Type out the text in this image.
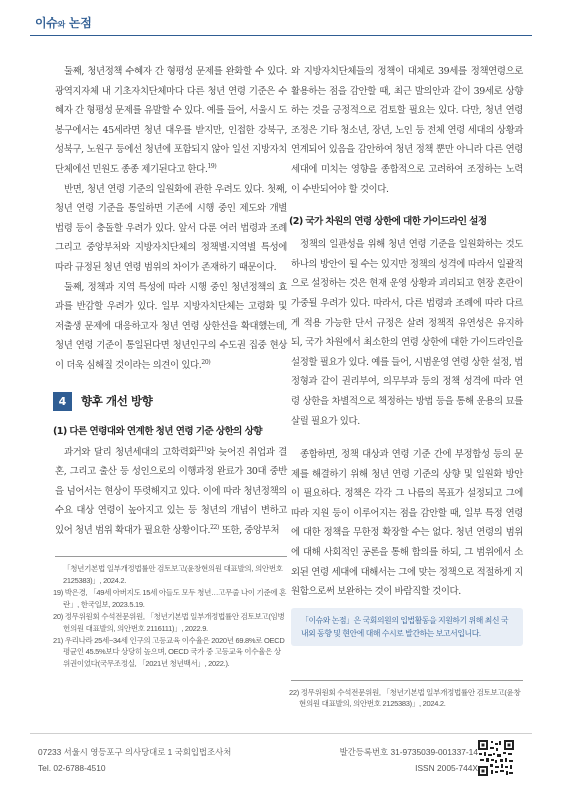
이슈와 논점

둘째, 청년정책 수혜자 간 형평성 문제를 완화할 수 있다. 광역지자체 내 기초자치단체마다 다른 청년 연령 기준은 수혜자 간 형평성 문제를 유발할 수 있다. 예를 들어, 서울시 도봉구에서는 45세라면 청년 대우를 받지만, 인접한 강북구, 성북구, 노원구 등에선 청년에 포함되지 않아 일선 지방자치단체에선 민원도 종종 제기된다고 한다.$^{19)}$

반면, 청년 연령 기준의 일원화에 관한 우려도 있다. 첫째, 청년 연령 기준을 통일하면 기존에 시행 중인 제도와 개별 법령 등이 충돌할 우려가 있다. 앞서 다룬 여러 법령과 조례 그리고 중앙부처와 지방자치단체의 정책별·지역별 특성에 따라 규정된 청년 연령 범위의 차이가 존재하기 때문이다.

둘째, 정책과 지역 특성에 따라 시행 중인 청년정책의 효과를 반감할 우려가 있다. 일부 지방자치단체는 고령화 및 저출생 문제에 대응하고자 청년 연령 상한선을 확대했는데, 청년 연령 기준이 통일된다면 청년인구의 수도권 집중 현상이 더욱 심해질 것이라는 의견이 있다.$^{20)}$

4	향후 개선 방향
(1) 다른 연령대와 연계한 청년 연령 기준 상한의 상향

과거와 달리 청년세대의 고학력화$^{21)}$와 늦어진 취업과 결혼, 그리고 출산 등 성인으로의 이행과정 완료가 30대 중반을 넘어서는 현상이 뚜렷해지고 있다. 이에 따라 청년정책의 수요 대상 연령이 높아지고 있는 등 청년의 개념이 변하고 있어 청년 범위 확대가 필요한 상황이다.$^{22)}$ 또한, 중앙부처

「청년기본법 일부개정법률안 검토보고(윤창현의원 대표발의, 의안번호 2125383)」, 2024.2.

19) 박은경, 「49세 아버지도 15세 아들도 모두 청년…고무줄 나이 기준에 혼란」, 한국일보, 2023.5.19.

20) 정무위원회 수석전문위원, 「청년기본법 일부개정법률안 검토보고(임병헌의원 대표발의, 의안번호 2116111)」, 2022.9.

21) 우리나라 25세~34세 인구의 고등교육 이수율은 2020년 69.8%로 OECD 평균인 45.5%보다 상당히 높으며, OECD 국가 중 고등교육 이수율은 상위권이었다(국무조정실, 「2021년 청년백서」, 2022.).

와 지방자치단체들의 정책이 대체로 39세를 정책연령으로 활용하는 점을 감안할 때, 최근 발의안과 같이 39세로 상향하는 것을 긍정적으로 검토할 필요는 있다. 다만, 청년 연령 조정은 기타 청소년, 장년, 노인 등 전체 연령 세대의 상황과 연계되어 있음을 감안하여 청년 정책 뿐만 아니라 다른 연령 세대에 미치는 영향을 종합적으로 고려하여 조정하는 노력이 수반되어야 할 것이다.

(2) 국가 차원의 연령 상한에 대한 가이드라인 설정

정책의 일관성을 위해 청년 연령 기준을 일원화하는 것도 하나의 방안이 될 수는 있지만 정책의 성격에 따라서 일괄적으로 설정하는 것은 현재 운영 상황과 괴리되고 현장 혼란이 가중될 우려가 있다. 따라서, 다른 법령과 조례에 따라 다르게 적용 가능한 단서 규정은 살려 정책적 유연성은 유지하되, 국가 차원에서 최소한의 연령 상한에 대한 가이드라인을 설정할 필요가 있다. 예를 들어, 시범운영 연령 상한 설정, 법정형과 같이 권리부여, 의무부과 등의 정책 성격에 따라 연령 상한을 차별적으로 책정하는 방법 등을 통해 운용의 묘를 살릴 필요가 있다.

종합하면, 정책 대상과 연령 기준 간에 부정합성 등의 문제를 해결하기 위해 청년 연령 기준의 상향 및 일원화 방안이 필요하다. 정책은 각각 그 나름의 목표가 설정되고 그에 따라 지원 등이 이루어지는 점을 감안할 때, 일부 특정 연령에 대한 정책을 무한정 확장할 수는 없다. 청년 연령의 범위에 대해 사회적인 공론을 통해 합의를 하되, 그 범위에서 소외된 연령 세대에 대해서는 그에 맞는 정책으로 적절하게 지원함으로써 보완하는 것이 바람직할 것이다.

「이슈와 논점」은 국회의원의 입법활동을 지원하기 위해 최신 국내외 동향 및 현안에 대해 수시로 발간하는 보고서입니다.

22) 정무위원회 수석전문위원, 「청년기본법 일부개정법률안 검토보고(윤창현의원 대표발의, 의안번호 2125383)」, 2024.2.

07233 서울시 영등포구 의사당대로 1 국회입법조사처
Tel. 02-6788-4510
발간등록번호 31-9735039-001337-14
ISSN 2005-744X
